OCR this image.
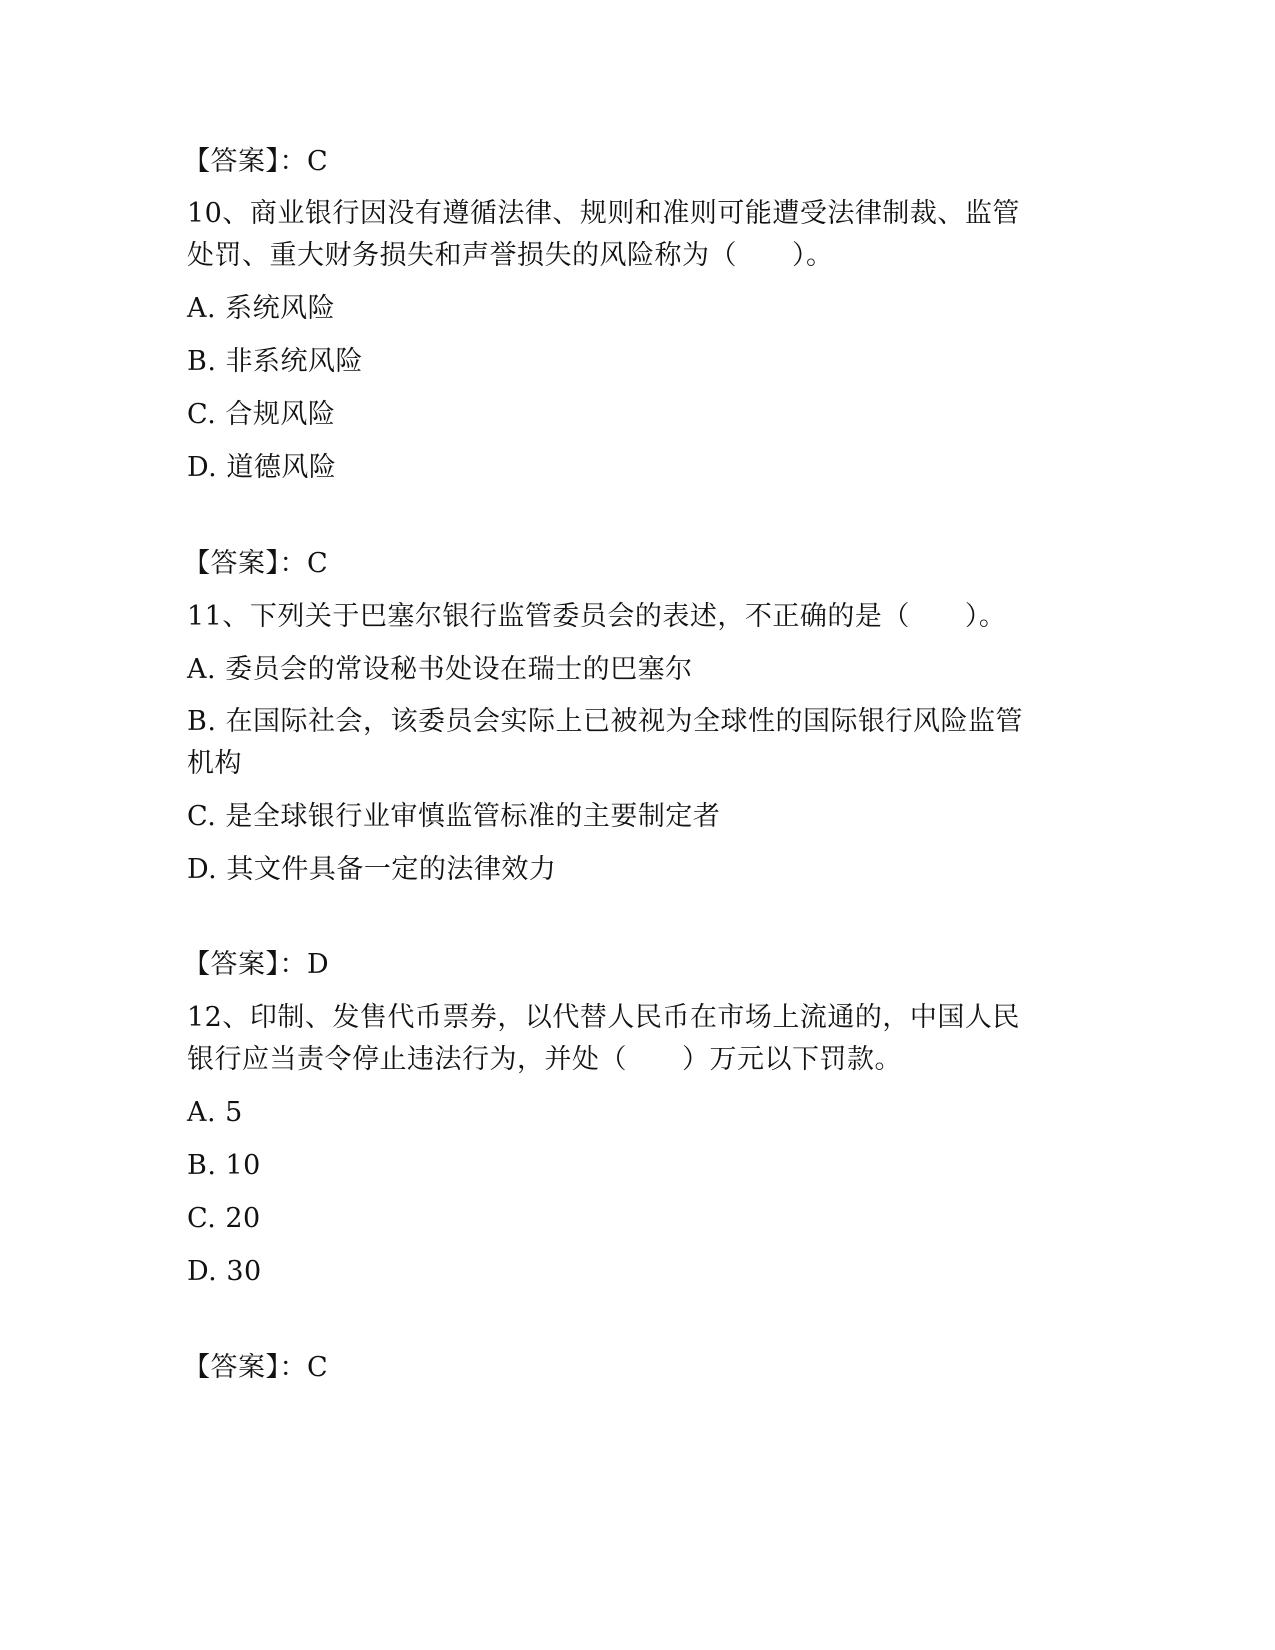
【答案】：C
10、商业银行因没有遵循法律、规则和准则可能遭受法律制裁、监管
处罚、重大财务损失和声誉损失的风险称为（　　）。
A. 系统风险
B. 非系统风险
C. 合规风险
D. 道德风险
【答案】：C
11、下列关于巴塞尔银行监管委员会的表述，不正确的是（　　）。
A. 委员会的常设秘书处设在瑞士的巴塞尔
B. 在国际社会，该委员会实际上已被视为全球性的国际银行风险监管
机构
C. 是全球银行业审慎监管标准的主要制定者
D. 其文件具备一定的法律效力
【答案】：D
12、印制、发售代币票券，以代替人民币在市场上流通的，中国人民
银行应当责令停止违法行为，并处（　　）万元以下罚款。
A. 5
B. 10
C. 20
D. 30
【答案】：C
